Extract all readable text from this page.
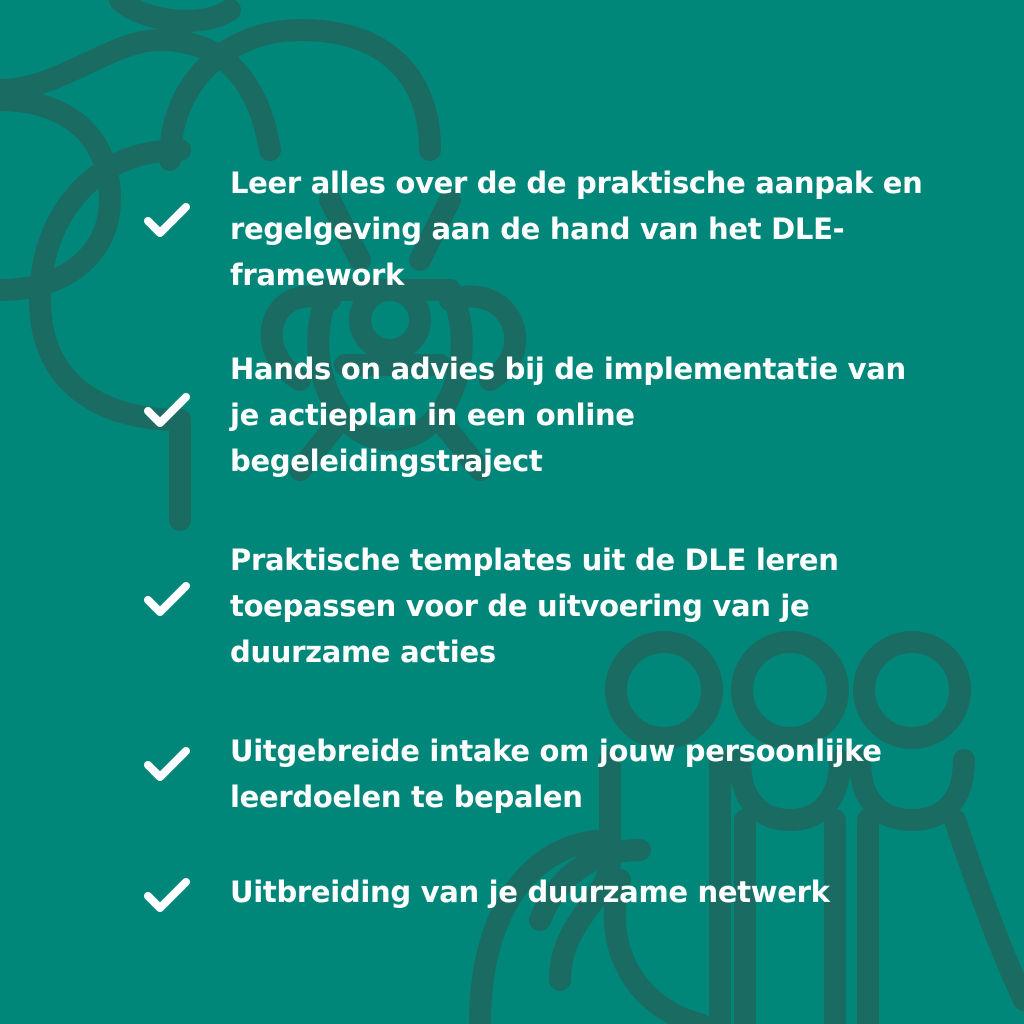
Leer alles over de de praktische aanpak en
regelgeving aan de hand van het DLE-
framework
Hands on advies bij de implementatie van
je actieplan in een online
begeleidingstraject
Praktische templates uit de DLE leren
toepassen voor de uitvoering van je
duurzame acties
Uitgebreide intake om jouw persoonlijke
leerdoelen te bepalen
Uitbreiding van je duurzame netwerk
